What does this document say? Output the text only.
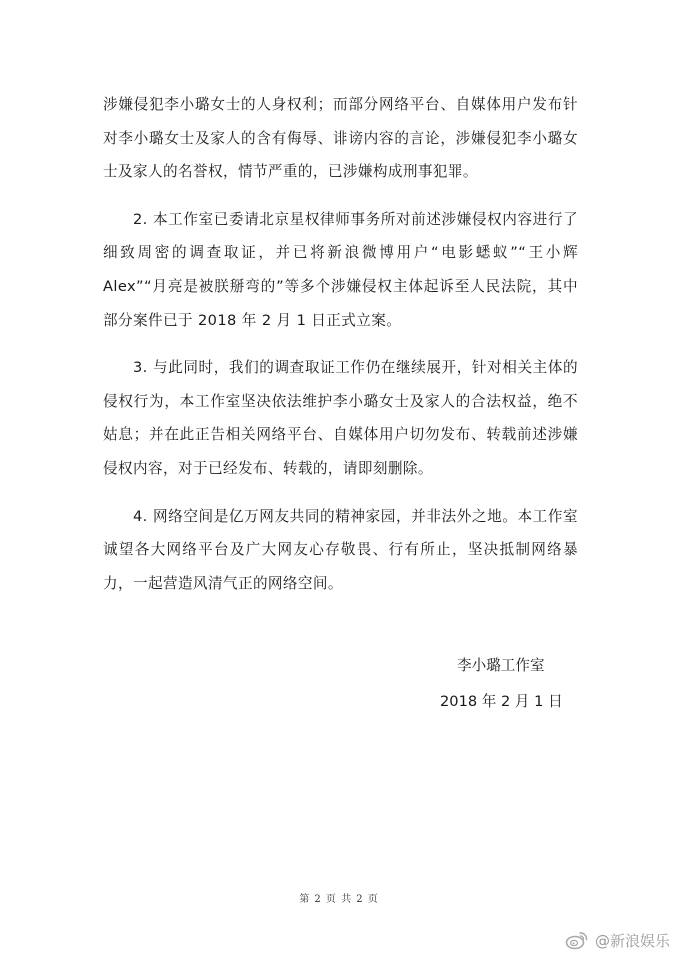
涉嫌侵犯李小璐女士的人身权利；而部分网络平台、自媒体用户发布针对李小璐女士及家人的含有侮辱、诽谤内容的言论，涉嫌侵犯李小璐女士及家人的名誉权，情节严重的，已涉嫌构成刑事犯罪。

2. 本工作室已委请北京星权律师事务所对前述涉嫌侵权内容进行了细致周密的调查取证，并已将新浪微博用户“电影蟋蚁”“王小辉Alex”“月亮是被朕掰弯的”等多个涉嫌侵权主体起诉至人民法院，其中部分案件已于 2018 年 2 月 1 日正式立案。

3. 与此同时，我们的调查取证工作仍在继续展开，针对相关主体的侵权行为，本工作室坚决依法维护李小璐女士及家人的合法权益，绝不姑息；并在此正告相关网络平台、自媒体用户切勿发布、转载前述涉嫌侵权内容，对于已经发布、转载的，请即刻删除。

4. 网络空间是亿万网友共同的精神家园，并非法外之地。本工作室诚望各大网络平台及广大网友心存敬畏、行有所止，坚决抵制网络暴力，一起营造风清气正的网络空间。

李小璐工作室
2018 年 2 月 1 日
第 2 页 共 2 页
@新浪娱乐
